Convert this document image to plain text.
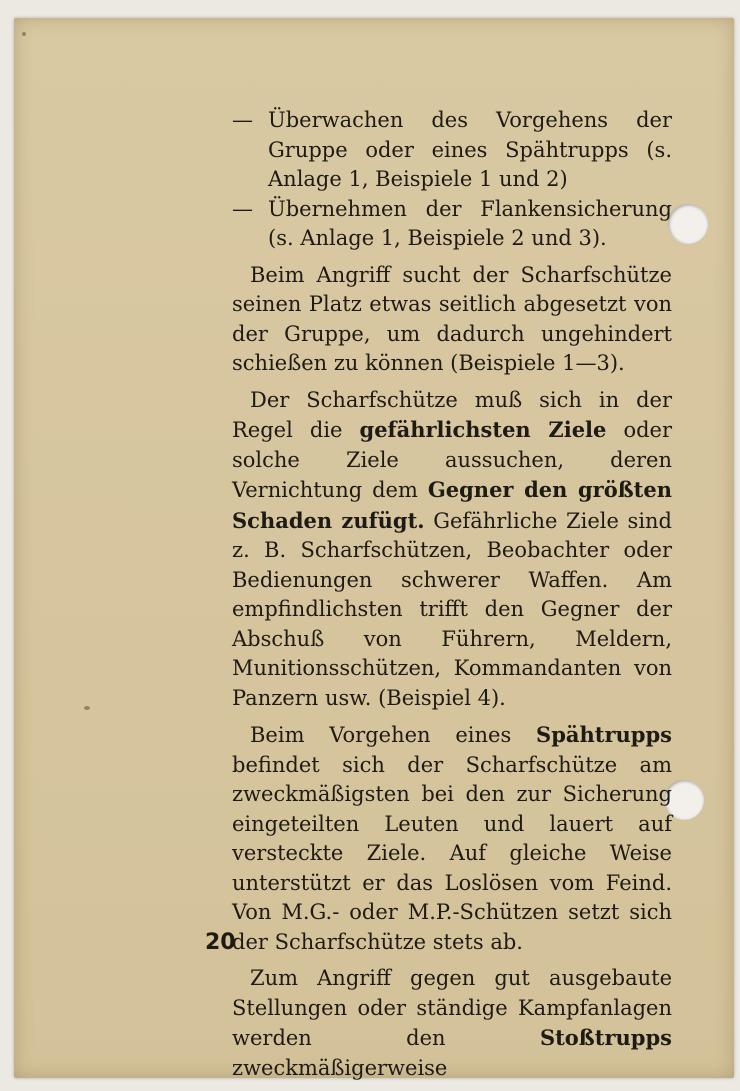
— Überwachen des Vorgehens der Gruppe oder eines Spähtrupps (s. Anlage 1, Beispiele 1 und 2)
— Übernehmen der Flankensicherung (s. Anlage 1, Beispiele 2 und 3).

Beim Angriff sucht der Scharfschütze seinen Platz etwas seitlich abgesetzt von der Gruppe, um dadurch ungehindert schießen zu können (Beispiele 1—3).

Der Scharfschütze muß sich in der Regel die gefährlichsten Ziele oder solche Ziele aussuchen, deren Vernichtung dem Gegner den größten Schaden zufügt. Gefährliche Ziele sind z. B. Scharfschützen, Beobachter oder Bedienungen schwerer Waffen. Am empfindlichsten trifft den Gegner der Abschuß von Führern, Meldern, Munitionsschützen, Kommandanten von Panzern usw. (Beispiel 4).

Beim Vorgehen eines Spähtrupps befindet sich der Scharfschütze am zweckmäßigsten bei den zur Sicherung eingeteilten Leuten und lauert auf versteckte Ziele. Auf gleiche Weise unterstützt er das Loslösen vom Feind. Von M.G.- oder M.P.-Schützen setzt sich der Scharfschütze stets ab.

Zum Angriff gegen gut ausgebaute Stellungen oder ständige Kampfanlagen werden den Stoßtrupps zweckmäßigerweise

20
